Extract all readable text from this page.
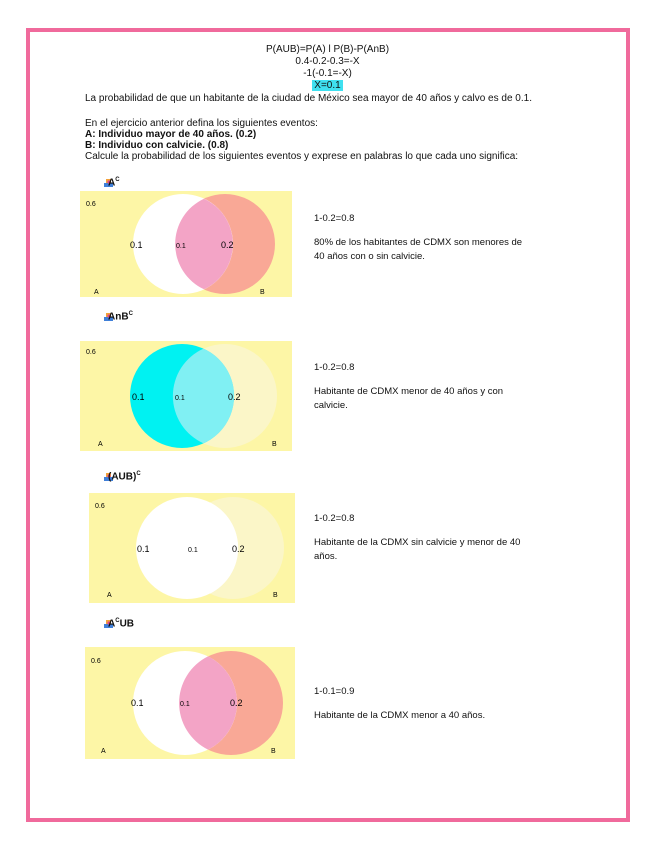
P(AUB)=P(A) l P(B)-P(AnB)
0.4-0.2-0.3=-X
-1(-0.1=-X)
X=0.1
La probabilidad de que un habitante de la ciudad de México sea mayor de 40 años y calvo es de 0.1.
En el ejercicio anterior defina los siguientes eventos:
A: Individuo mayor de 40 años. (0.2)
B: Individuo con calvicie. (0.8)
Calcule la probabilidad de los siguientes eventos y exprese en palabras lo que cada uno significa:
$A^C$
0.6
0.1	0.1	0.2
A	B

1-0.2=0.8

80% de los habitantes de CDMX son menores de 40 años con o sin calvicie.

AnB$^C$
0.6
0.1	0.1	0.2
A	B

1-0.2=0.8

Habitante de CDMX menor de 40 años y con calvicie.

(AUB)$^C$
0.6
0.1	0.1	0.2
A	B

1-0.2=0.8

Habitante de la CDMX sin calvicie y menor de 40 años.

$A^CUB$
0.6
0.1	0.1	0.2
A	B

1-0.1=0.9

Habitante de la CDMX menor a 40 años.
